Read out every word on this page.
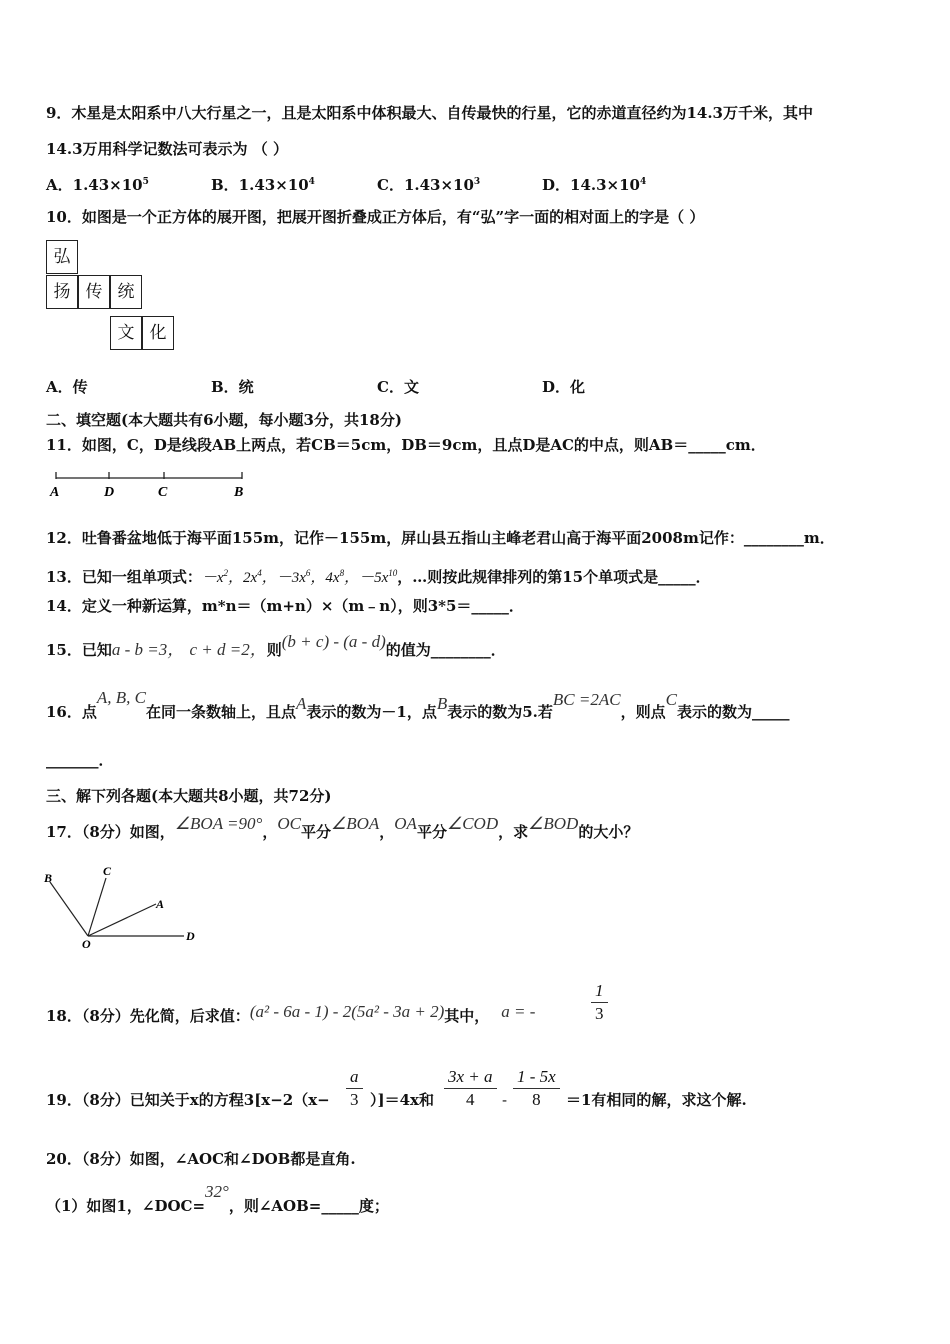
9．木星是太阳系中八大行星之一，且是太阳系中体积最大、自传最快的行星，它的赤道直径约为14.3万千米，其中
14.3万用科学记数法可表示为 （ ）
A．$1.43\times 10^5$	B．$1.43\times 10^4$	C．$1.43\times 10^3$	D．$14.3\times 10^4$
10．如图是一个正方体的展开图，把展开图折叠成正方体后，有“弘”字一面的相对面上的字是（ ）
弘
扬 传 统
文 化
A．传	B．统	C．文	D．化
二、填空题(本大题共有6小题，每小题3分，共18分)
11．如图，C，D是线段AB上两点，若CB＝5cm，DB＝9cm，且点D是AC的中点，则AB＝_____cm．
A	D	C	B
12．吐鲁番盆地低于海平面155m，记作－155m，屏山县五指山主峰老君山高于海平面2008m记作：________m．
13．已知一组单项式：$-x^2$，$2x^4$，$-3x^6$，$4x^8$，$-5x^{10}$，…则按此规律排列的第15个单项式是_____．
14．定义一种新运算，m*n＝（m+n）×（m﹣n），则3*5＝_____．
15．已知a - b =3， c + d =2，则(b + c) - (a - d)的值为________．
16．点A, B, C在同一条数轴上，且点A表示的数为－1，点B表示的数为5.若BC =2AC，则点C表示的数为_____
_______．
三、解下列各题(本大题共8小题，共72分)
17．（8分）如图，∠BOA =90°，OC平分∠BOA，OA平分∠COD，求∠BOD的大小？
B	C
A
O
D
18．（8分）先化简，后求值：(a² - 6a - 1) - 2(5a² - 3a + 2)其中， a = -	$\frac{1}{3}$
19．（8分）已知关于x的方程$3[x-2(x- \frac{a}{3} )]=4x$和 $\frac{3x + a}{4} - \frac{1 - 5x}{8} =1$有相同的解，求这个解.
20．（8分）如图，∠AOC和∠DOB都是直角.
（1）如图1，∠DOC=32°，则∠AOB=_____度；
